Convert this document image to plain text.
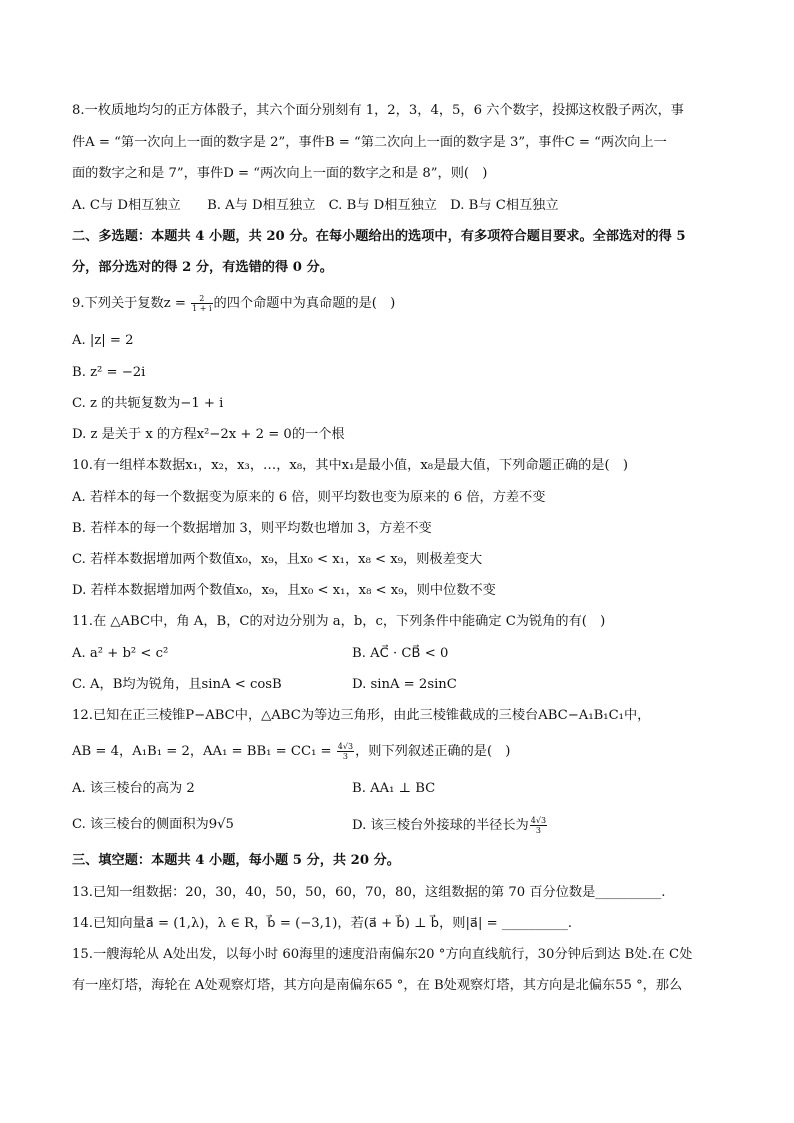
8.一枚质地均匀的正方体骰子，其六个面分别刻有 1，2，3，4，5，6 六个数字，投掷这枚骰子两次，事
件A = “第一次向上一面的数字是 2”，事件B = “第二次向上一面的数字是 3”，事件C = “两次向上一
面的数字之和是 7”，事件D = “两次向上一面的数字之和是 8”，则(　)
A. C与 D相互独立　　B. A与 D相互独立　C. B与 D相互独立　D. B与 C相互独立
二、多选题：本题共 4 小题，共 20 分。在每小题给出的选项中，有多项符合题目要求。全部选对的得 5
分，部分选对的得 2 分，有选错的得 0 分。
9.下列关于复数$z = \frac{2}{1 + i}$ 的四个命题中为真命题的是(　)
A. |z| = 2
B. z² = −2i
C. z 的共轭复数为−1 + i
D. z 是关于 x 的方程x²−2x + 2 = 0的一个根
10.有一组样本数据x₁，x₂，x₃，…，x₈，其中x₁是最小值，x₈是最大值，下列命题正确的是(　)
A. 若样本的每一个数据变为原来的 6 倍，则平均数也变为原来的 6 倍，方差不变
B. 若样本的每一个数据增加 3，则平均数也增加 3，方差不变
C. 若样本数据增加两个数值x₀，x₉，且x₀ < x₁，x₈ < x₉，则极差变大
D. 若样本数据增加两个数值x₀，x₉，且x₀ < x₁，x₈ < x₉，则中位数不变
11.在 △ABC中，角 A，B，C的对边分别为 a，b，c，下列条件中能确定 C为锐角的有(　)
A. a² + b² < c²	B. AC⃗ · CB⃗ < 0
C. A，B均为锐角，且sinA < cosB	D. sinA = 2sinC
12.已知在正三棱锥P−ABC中，△ABC为等边三角形，由此三棱锥截成的三棱台ABC−A₁B₁C₁中，
AB = 4，A₁B₁ = 2，$AA_1 = BB_1 = CC_1 = \frac{4√3}{3}$ ，则下列叙述正确的是(　)
A. 该三棱台的高为 2	B. AA₁ ⊥ BC
C. 该三棱台的侧面积为9√5	D. 该三棱台外接球的半径长为 $\frac{4√3}{3}$
三、填空题：本题共 4 小题，每小题 5 分，共 20 分。
13.已知一组数据：20，30，40，50，50，60，70，80，这组数据的第 70 百分位数是__________.
14.已知向量a⃗ = (1,λ)，λ ∈ R，b⃗ = (−3,1)，若(a⃗ + b⃗) ⊥ b⃗，则|a⃗| = __________.
15.一艘海轮从 A处出发，以每小时 60海里的速度沿南偏东20 °方向直线航行，30分钟后到达 B处.在 C处
有一座灯塔，海轮在 A处观察灯塔，其方向是南偏东65 °，在 B处观察灯塔，其方向是北偏东55 °，那么
